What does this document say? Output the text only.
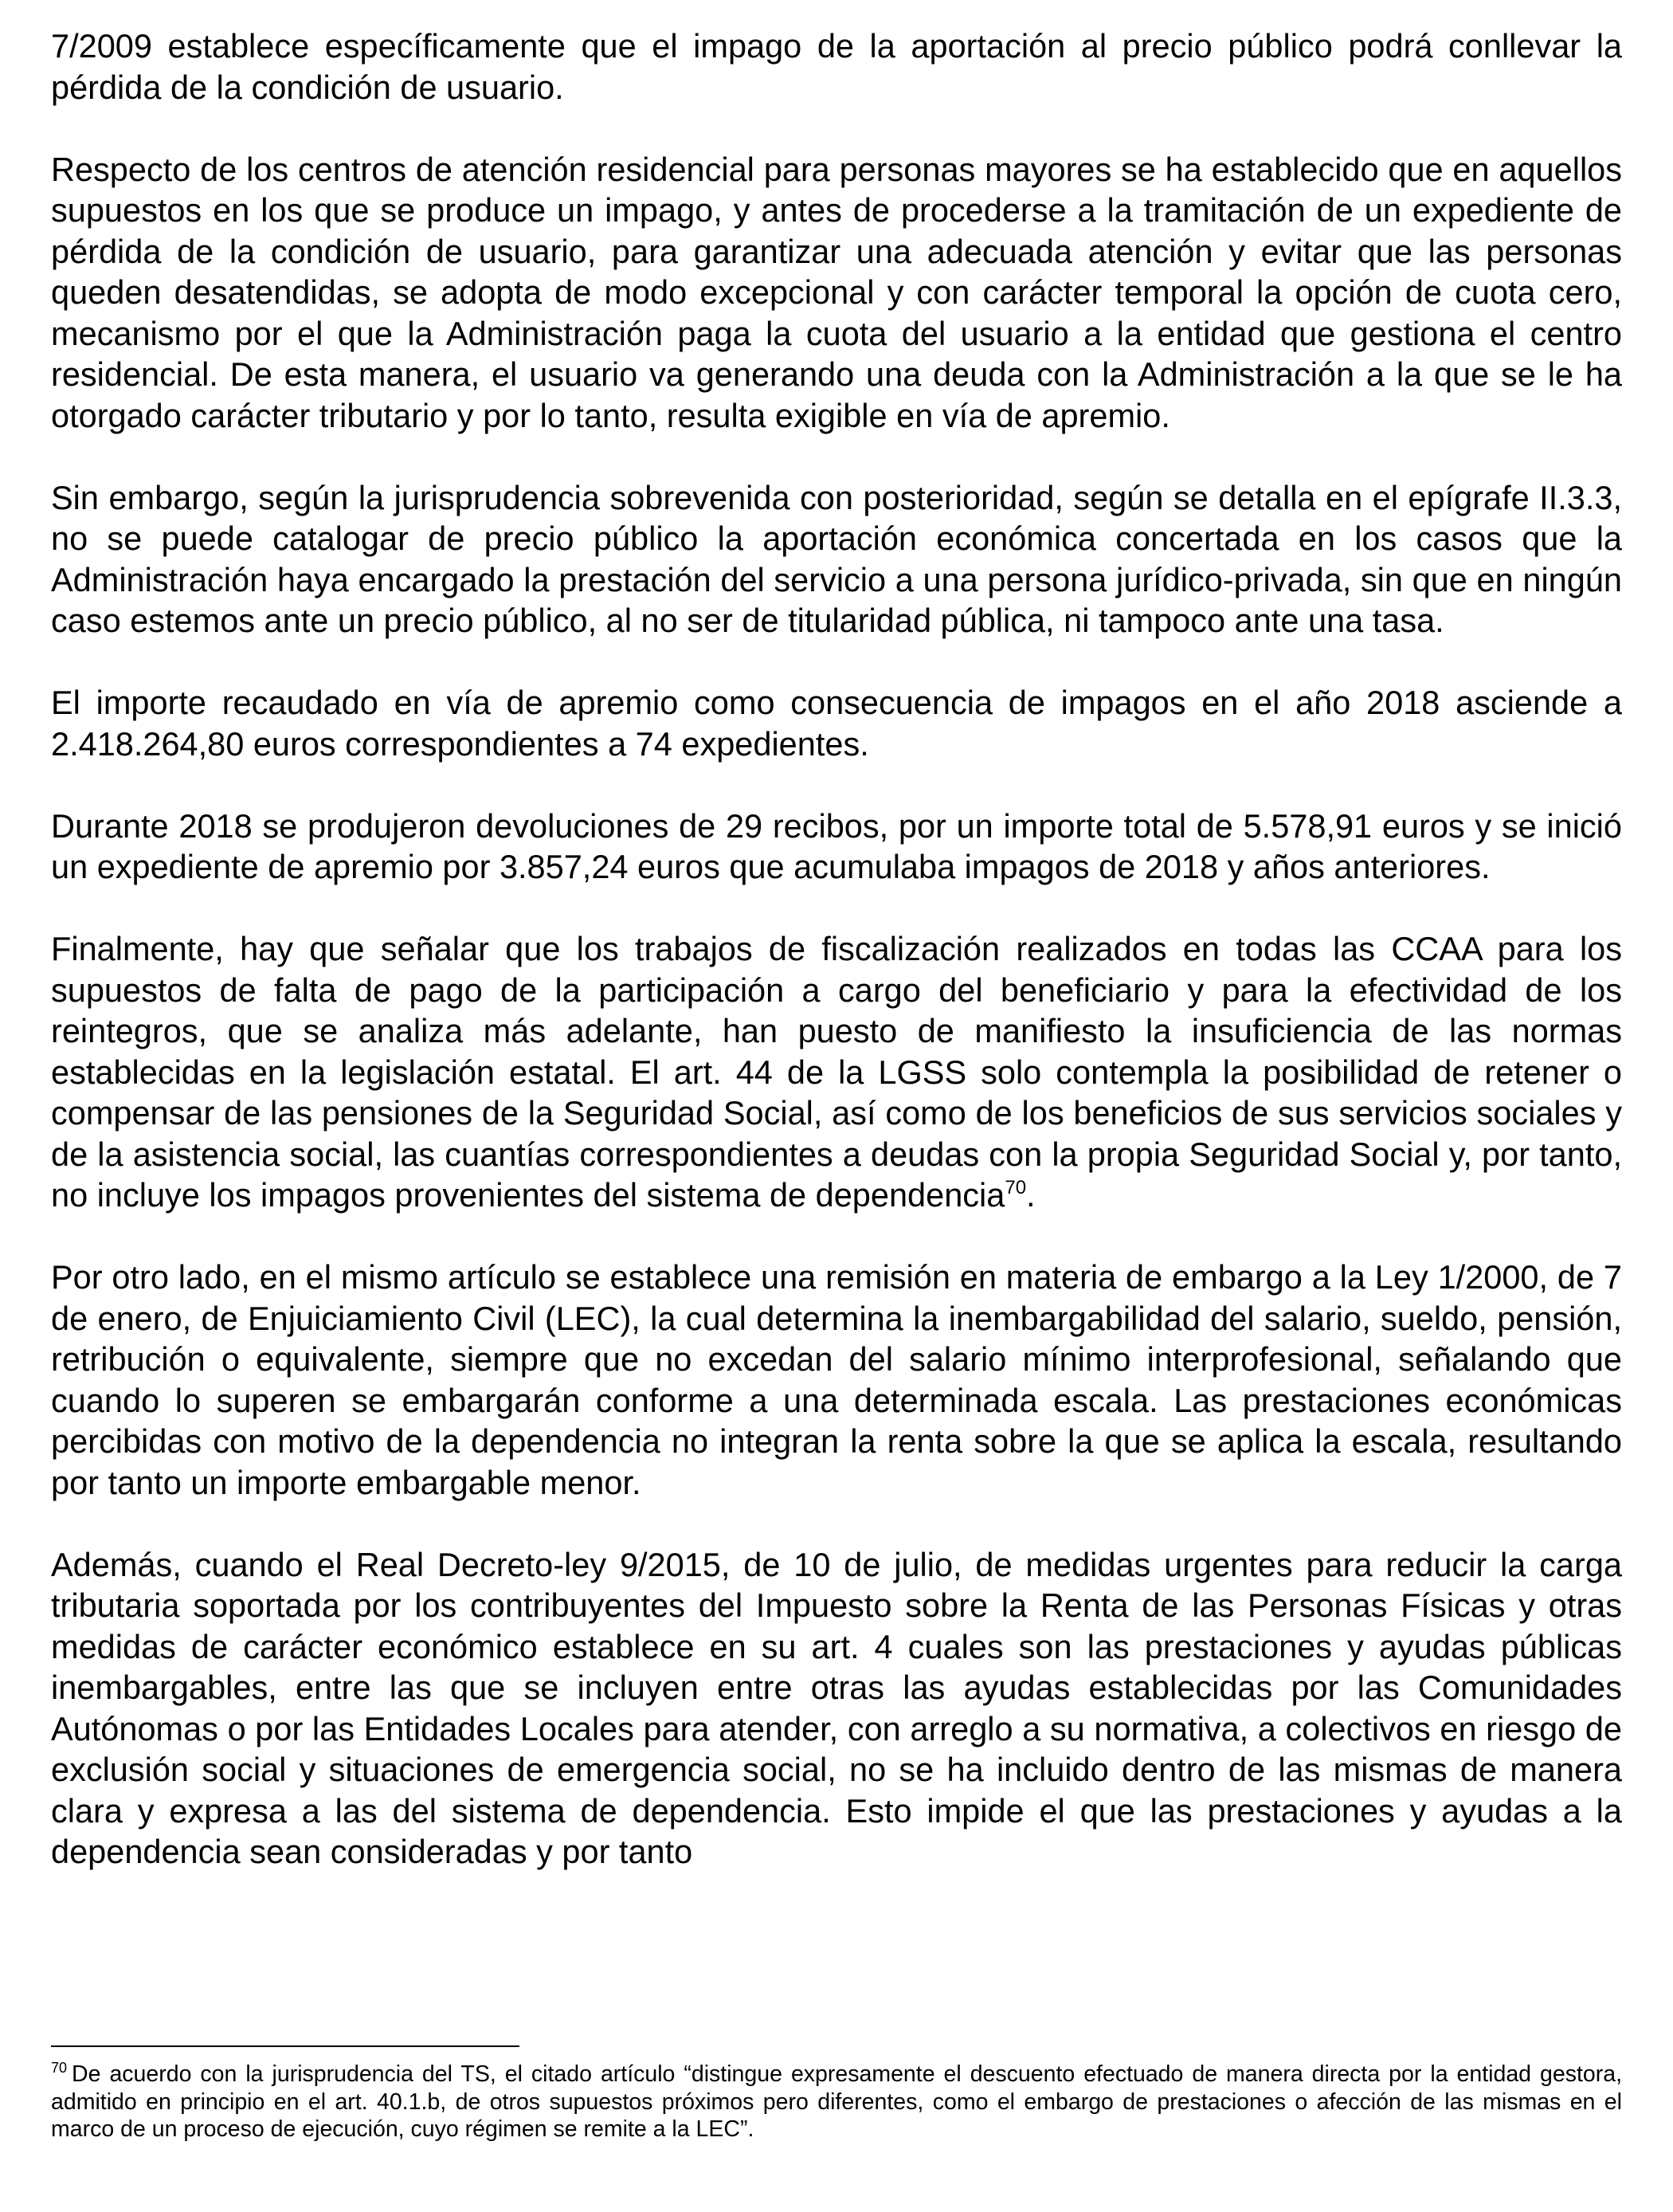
7/2009 establece específicamente que el impago de la aportación al precio público podrá conllevar la pérdida de la condición de usuario.

Respecto de los centros de atención residencial para personas mayores se ha establecido que en aquellos supuestos en los que se produce un impago, y antes de procederse a la tramitación de un expediente de pérdida de la condición de usuario, para garantizar una adecuada atención y evitar que las personas queden desatendidas, se adopta de modo excepcional y con carácter temporal la opción de cuota cero, mecanismo por el que la Administración paga la cuota del usuario a la entidad que gestiona el centro residencial. De esta manera, el usuario va generando una deuda con la Administración a la que se le ha otorgado carácter tributario y por lo tanto, resulta exigible en vía de apremio.

Sin embargo, según la jurisprudencia sobrevenida con posterioridad, según se detalla en el epígrafe II.3.3, no se puede catalogar de precio público la aportación económica concertada en los casos que la Administración haya encargado la prestación del servicio a una persona jurídico-privada, sin que en ningún caso estemos ante un precio público, al no ser de titularidad pública, ni tampoco ante una tasa.

El importe recaudado en vía de apremio como consecuencia de impagos en el año 2018 asciende a 2.418.264,80 euros correspondientes a 74 expedientes.

Durante 2018 se produjeron devoluciones de 29 recibos, por un importe total de 5.578,91 euros y se inició un expediente de apremio por 3.857,24 euros que acumulaba impagos de 2018 y años anteriores.

Finalmente, hay que señalar que los trabajos de fiscalización realizados en todas las CCAA para los supuestos de falta de pago de la participación a cargo del beneficiario y para la efectividad de los reintegros, que se analiza más adelante, han puesto de manifiesto la insuficiencia de las normas establecidas en la legislación estatal. El art. 44 de la LGSS solo contempla la posibilidad de retener o compensar de las pensiones de la Seguridad Social, así como de los beneficios de sus servicios sociales y de la asistencia social, las cuantías correspondientes a deudas con la propia Seguridad Social y, por tanto, no incluye los impagos provenientes del sistema de dependencia$^{70}$.

Por otro lado, en el mismo artículo se establece una remisión en materia de embargo a la Ley 1/2000, de 7 de enero, de Enjuiciamiento Civil (LEC), la cual determina la inembargabilidad del salario, sueldo, pensión, retribución o equivalente, siempre que no excedan del salario mínimo interprofesional, señalando que cuando lo superen se embargarán conforme a una determinada escala. Las prestaciones económicas percibidas con motivo de la dependencia no integran la renta sobre la que se aplica la escala, resultando por tanto un importe embargable menor.

Además, cuando el Real Decreto-ley 9/2015, de 10 de julio, de medidas urgentes para reducir la carga tributaria soportada por los contribuyentes del Impuesto sobre la Renta de las Personas Físicas y otras medidas de carácter económico establece en su art. 4 cuales son las prestaciones y ayudas públicas inembargables, entre las que se incluyen entre otras las ayudas establecidas por las Comunidades Autónomas o por las Entidades Locales para atender, con arreglo a su normativa, a colectivos en riesgo de exclusión social y situaciones de emergencia social, no se ha incluido dentro de las mismas de manera clara y expresa a las del sistema de dependencia. Esto impide el que las prestaciones y ayudas a la dependencia sean consideradas y por tanto

$^{70}$ De acuerdo con la jurisprudencia del TS, el citado artículo “distingue expresamente el descuento efectuado de manera directa por la entidad gestora, admitido en principio en el art. 40.1.b, de otros supuestos próximos pero diferentes, como el embargo de prestaciones o afección de las mismas en el marco de un proceso de ejecución, cuyo régimen se remite a la LEC”.
